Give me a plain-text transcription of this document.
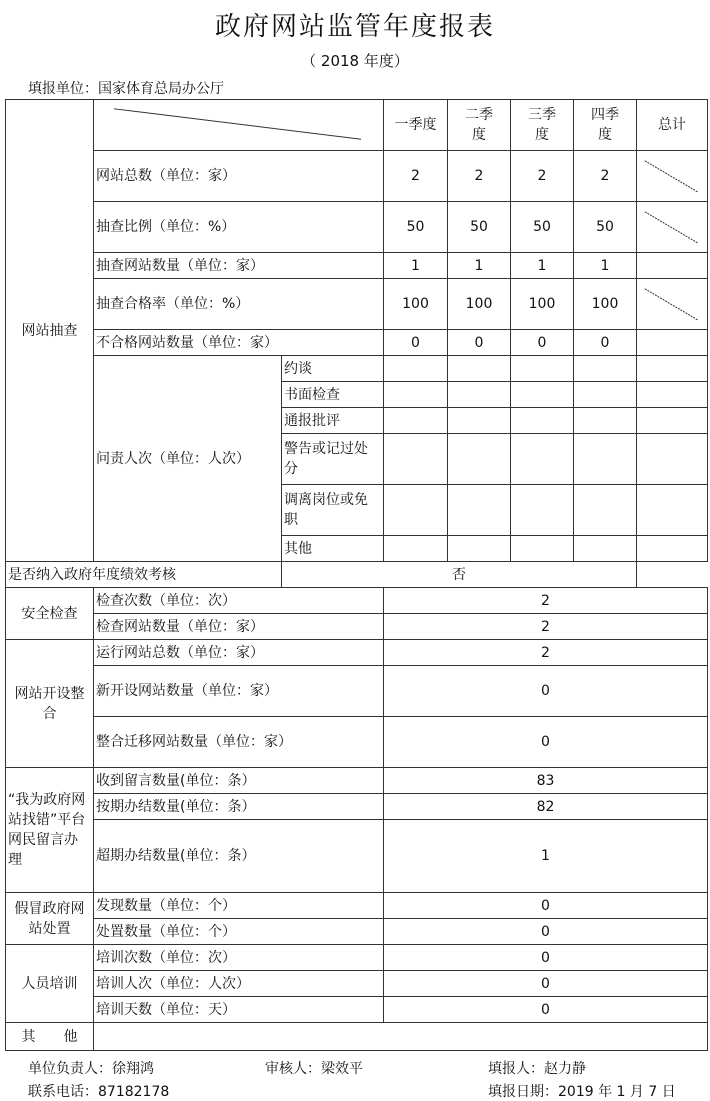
政府网站监管年度报表
（ 2018 年度）
填报单位：国家体育总局办公厅
网站抽查			一季度	二季度	三季度	四季度	总计
	网站总数（单位：家）		2	2	2	2	

	抽查比例（单位：%）		50	50	50	50	

	抽查网站数量（单位：家）		1	1	1	1	
	抽查合格率（单位：%）		100	100	100	100	

	不合格网站数量（单位：家）		0	0	0	0	
	问责人次（单位：人次）	约谈					
		书面检查					
		通报批评					
		警告或记过处分					
		调离岗位或免职					
		其他					
是否纳入政府年度绩效考核		否					
安全检查	检查次数（单位：次）		2				
	检查网站数量（单位：家）		2				
网站开设整合	运行网站总数（单位：家）		2				
	新开设网站数量（单位：家）		0				
	整合迁移网站数量（单位：家）		0				
“我为政府网站找错”平台网民留言办理	收到留言数量(单位：条）		83				
	按期办结数量(单位：条）		82				
	超期办结数量(单位：条）		1				
假冒政府网站处置	发现数量（单位：个）		0				
	处置数量（单位：个）		0				
人员培训	培训次数（单位：次）		0				
	培训人次（单位：人次）		0				
	培训天数（单位：天）		0				
其　　他							
单位负责人：徐翔鸿	审核人：梁效平	填报人：赵力静
联系电话：87182178	填报日期：2019 年 1 月 7 日
